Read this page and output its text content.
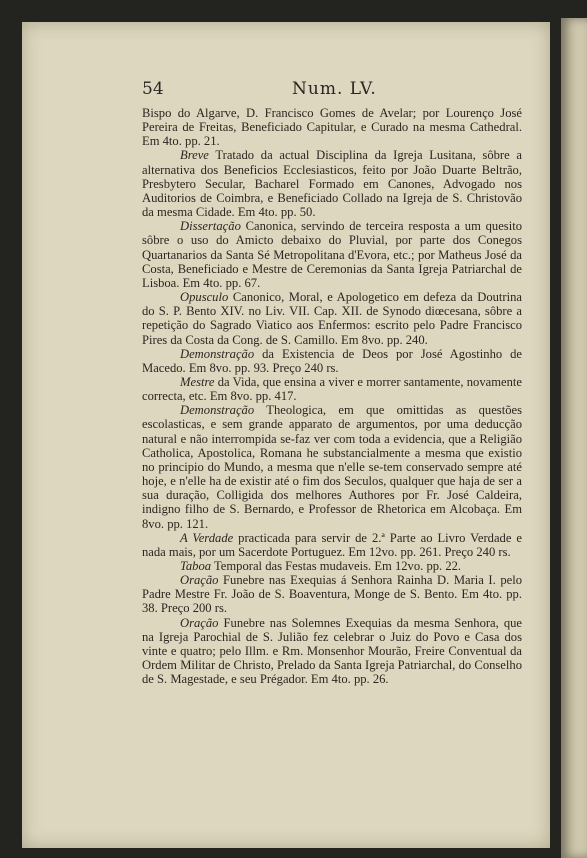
54	Num. LV.

Bispo do Algarve, D. Francisco Gomes de Avelar; por Lourenço José Pereira de Freitas, Beneficiado Capitular, e Curado na mesma Cathedral. Em 4to. pp. 21.

Breve Tratado da actual Disciplina da Igreja Lusitana, sôbre a alternativa dos Beneficios Ecclesiasticos, feito por João Duarte Beltrão, Presbytero Secular, Bacharel Formado em Canones, Advogado nos Auditorios de Coimbra, e Beneficiado Collado na Igreja de S. Christovão da mesma Cidade. Em 4to. pp. 50.

Dissertação Canonica, servindo de terceira resposta a um quesito sôbre o uso do Amicto debaixo do Pluvial, por parte dos Conegos Quartanarios da Santa Sé Metropolitana d'Evora, etc.; por Matheus José da Costa, Beneficiado e Mestre de Ceremonias da Santa Igreja Patriarchal de Lisboa. Em 4to. pp. 67.

Opusculo Canonico, Moral, e Apologetico em defeza da Doutrina do S. P. Bento XIV. no Liv. VII. Cap. XII. de Synodo diœcesana, sôbre a repetição do Sagrado Viatico aos Enfermos: escrito pelo Padre Francisco Pires da Costa da Cong. de S. Camillo. Em 8vo. pp. 240.

Demonstração da Existencia de Deos por José Agostinho de Macedo. Em 8vo. pp. 93. Preço 240 rs.

Mestre da Vida, que ensina a viver e morrer santamente, novamente correcta, etc. Em 8vo. pp. 417.

Demonstração Theologica, em que omittidas as questões escolasticas, e sem grande apparato de argumentos, por uma deducção natural e não interrompida se-faz ver com toda a evidencia, que a Religião Catholica, Apostolica, Romana he substancialmente a mesma que existio no principio do Mundo, a mesma que n'elle se-tem conservado sempre até hoje, e n'elle ha de existir até o fim dos Seculos, qualquer que haja de ser a sua duração, Colligida dos melhores Authores por Fr. José Caldeira, indigno filho de S. Bernardo, e Professor de Rhetorica em Alcobaça. Em 8vo. pp. 121.

A Verdade practicada para servir de 2.ª Parte ao Livro Verdade e nada mais, por um Sacerdote Portuguez. Em 12vo. pp. 261. Preço 240 rs.

Taboa Temporal das Festas mudaveis. Em 12vo. pp. 22.

Oração Funebre nas Exequias á Senhora Rainha D. Maria I. pelo Padre Mestre Fr. João de S. Boaventura, Monge de S. Bento. Em 4to. pp. 38. Preço 200 rs.

Oração Funebre nas Solemnes Exequias da mesma Senhora, que na Igreja Parochial de S. Julião fez celebrar o Juiz do Povo e Casa dos vinte e quatro; pelo Illm. e Rm. Monsenhor Mourão, Freire Conventual da Ordem Militar de Christo, Prelado da Santa Igreja Patriarchal, do Conselho de S. Magestade, e seu Prégador. Em 4to. pp. 26.
